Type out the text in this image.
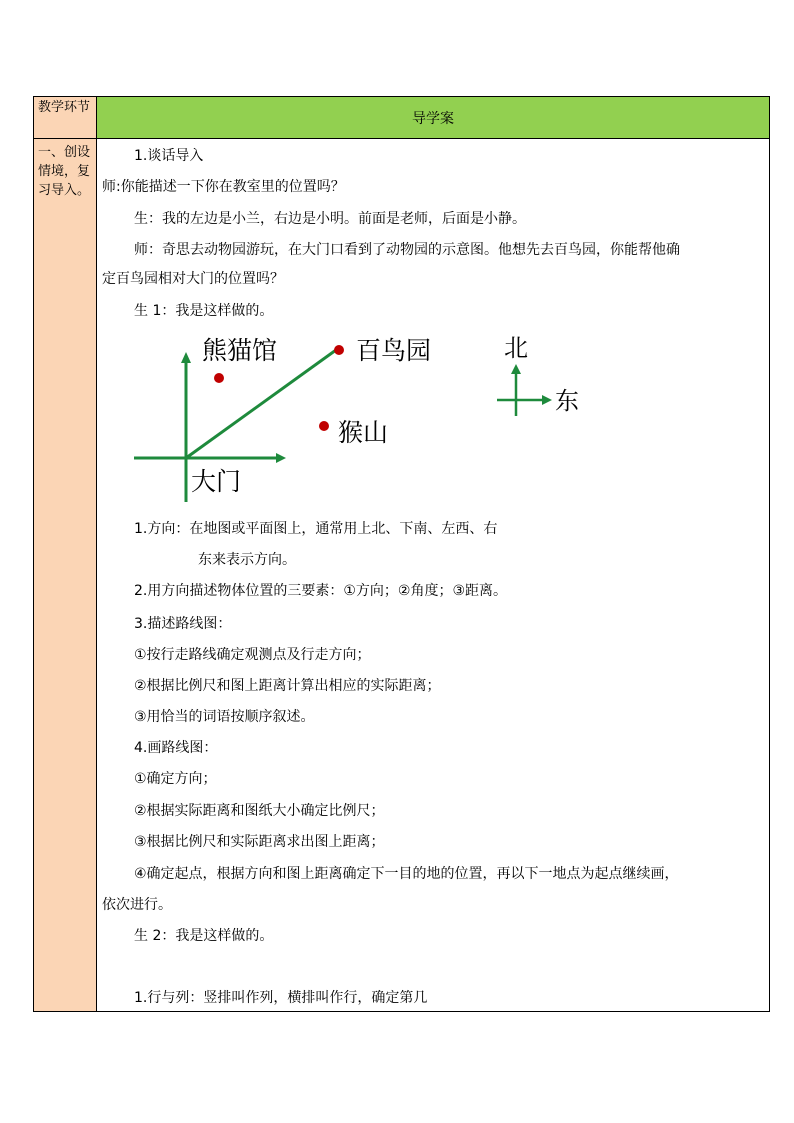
教学环节
导学案
一、创设情境，复习导入。
1.谈话导入
师:你能描述一下你在教室里的位置吗？
生：我的左边是小兰，右边是小明。前面是老师，后面是小静。
师：奇思去动物园游玩，在大门口看到了动物园的示意图。他想先去百鸟园，你能帮他确
定百鸟园相对大门的位置吗？
生 1：我是这样做的。
熊猫馆	百鸟园
猴山
大门
北
东
1.方向：在地图或平面图上，通常用上北、下南、左西、右
东来表示方向。
2.用方向描述物体位置的三要素：①方向；②角度；③距离。
3.描述路线图：
①按行走路线确定观测点及行走方向；
②根据比例尺和图上距离计算出相应的实际距离；
③用恰当的词语按顺序叙述。
4.画路线图：
①确定方向；
②根据实际距离和图纸大小确定比例尺；
③根据比例尺和实际距离求出图上距离；
④确定起点，根据方向和图上距离确定下一目的地的位置，再以下一地点为起点继续画，
依次进行。
生 2：我是这样做的。
1.行与列：竖排叫作列，横排叫作行，确定第几
